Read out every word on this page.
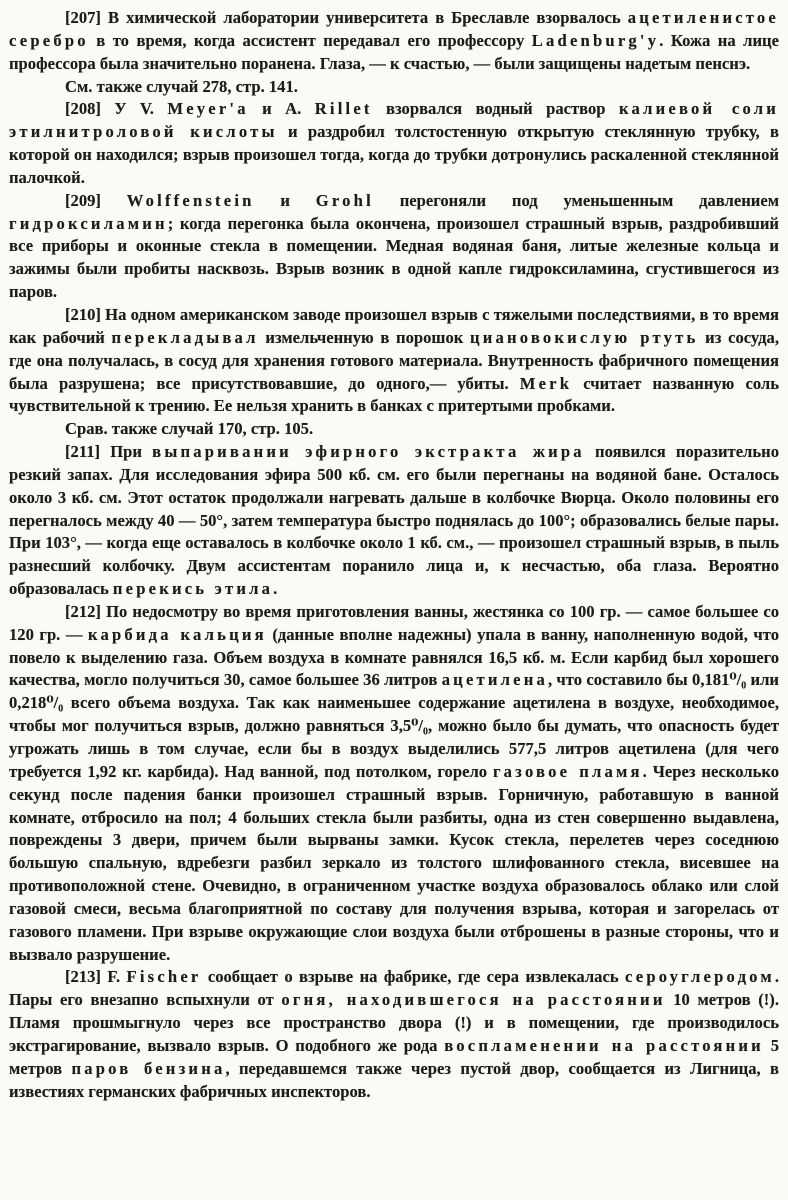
[207] В химической лаборатории университета в Бреславле взорвалось ацетиленистое серебро в то время, когда ассистент передавал его профессору Ladenburg'y. Кожа на лице профессора была значительно поранена. Глаза, — к счастью, — были защищены надетым пенснэ.

См. также случай 278, стр. 141.

[208] У V. Meyer'a и A. Rillet взорвался водный раствор калиевой соли этилнитроловой кислоты и раздробил толстостенную открытую стеклянную трубку, в которой он находился; взрыв произошел тогда, когда до трубки дотронулись раскаленной стеклянной палочкой.

[209] Wolffenstein и Grohl перегоняли под уменьшенным давлением гидроксиламин; когда перегонка была окончена, произошел страшный взрыв, раздробивший все приборы и оконные стекла в помещении. Медная водяная баня, литые железные кольца и зажимы были пробиты насквозь. Взрыв возник в одной капле гидроксиламина, сгустившегося из паров.

[210] На одном американском заводе произошел взрыв с тяжелыми последствиями, в то время как рабочий перекладывал измельченную в порошок циановокислую ртуть из сосуда, где она получалась, в сосуд для хранения готового материала. Внутренность фабричного помещения была разрушена; все присутствовавшие, до одного,— убиты. Merk считает названную соль чувствительной к трению. Ее нельзя хранить в банках с притертыми пробками.

Срав. также случай 170, стр. 105.

[211] При выпаривании эфирного экстракта жира появился поразительно резкий запах. Для исследования эфира 500 кб. см. его были перегнаны на водяной бане. Осталось около 3 кб. см. Этот остаток продолжали нагревать дальше в колбочке Вюрца. Около половины его перегналось между 40 — 50°, затем температура быстро поднялась до 100°; образовались белые пары. При 103°, — когда еще оставалось в колбочке около 1 кб. см., — произошел страшный взрыв, в пыль разнесший колбочку. Двум ассистентам поранило лица и, к несчастью, оба глаза. Вероятно образовалась перекись этила.

[212] По недосмотру во время приготовления ванны, жестянка со 100 гр. — самое большее со 120 гр. — карбида кальция (данные вполне надежны) упала в ванну, наполненную водой, что повело к выделению газа. Объем воздуха в комнате равнялся 16,5 кб. м. Если карбид был хорошего качества, могло получиться 30, самое большее 36 литров ацетилена, что составило бы 0,181⁰/₀ или 0,218⁰/₀ всего объема воздуха. Так как наименьшее содержание ацетилена в воздухе, необходимое, чтобы мог получиться взрыв, должно равняться 3,5⁰/₀, можно было бы думать, что опасность будет угрожать лишь в том случае, если бы в воздух выделились 577,5 литров ацетилена (для чего требуется 1,92 кг. карбида). Над ванной, под потолком, горело газовое пламя. Через несколько секунд после падения банки произошел страшный взрыв. Горничную, работавшую в ванной комнате, отбросило на пол; 4 больших стекла были разбиты, одна из стен совершенно выдавлена, повреждены 3 двери, причем были вырваны замки. Кусок стекла, перелетев через соседнюю большую спальную, вдребезги разбил зеркало из толстого шлифованного стекла, висевшее на противоположной стене. Очевидно, в ограниченном участке воздуха образовалось облако или слой газовой смеси, весьма благоприятной по составу для получения взрыва, которая и загорелась от газового пламени. При взрыве окружающие слои воздуха были отброшены в разные стороны, что и вызвало разрушение.

[213] F. Fischer сообщает о взрыве на фабрике, где сера извлекалась сероуглеродом. Пары его внезапно вспыхнули от огня, находившегося на расстоянии 10 метров (!). Пламя прошмыгнуло через все пространство двора (!) и в помещении, где производилось экстрагирование, вызвало взрыв. О подобного же рода воспламенении на расстоянии 5 метров паров бензина, передавшемся также через пустой двор, сообщается из Лигница, в известиях германских фабричных инспекторов.
